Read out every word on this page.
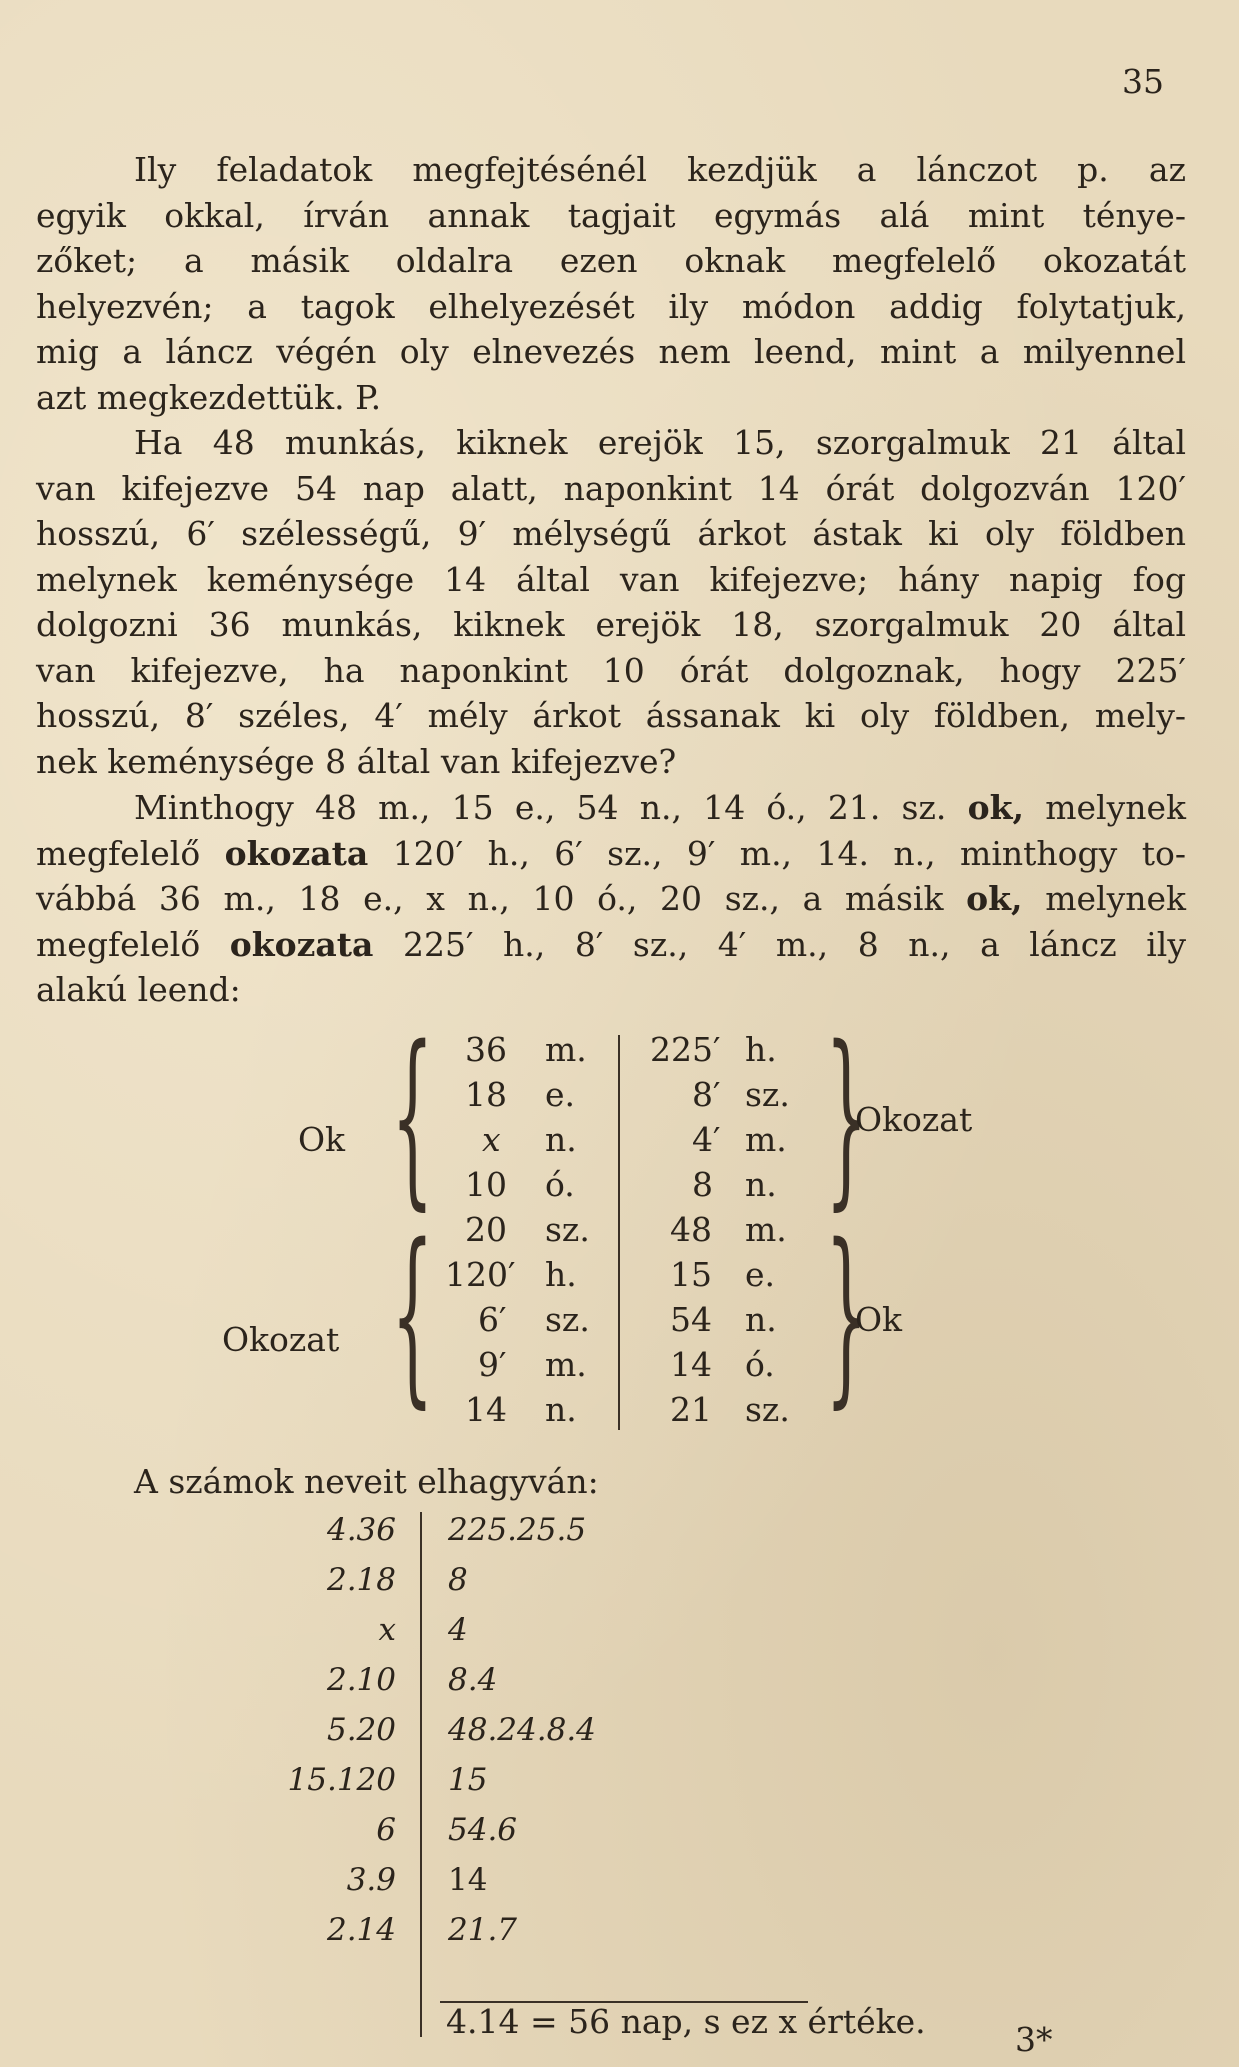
35
Ily feladatok megfejtésénél kezdjük a lánczot p. az
egyik okkal, írván annak tagjait egymás alá mint ténye-
zőket; a másik oldalra ezen oknak megfelelő okozatát
helyezvén; a tagok elhelyezését ily módon addig folytatjuk,
mig a láncz végén oly elnevezés nem leend, mint a milyennel
azt megkezdettük. P.
Ha 48 munkás, kiknek erejök 15, szorgalmuk 21 által
van kifejezve 54 nap alatt, naponkint 14 órát dolgozván 120′
hosszú, 6′ szélességű, 9′ mélységű árkot ástak ki oly földben
melynek keménysége 14 által van kifejezve; hány napig fog
dolgozni 36 munkás, kiknek erejök 18, szorgalmuk 20 által
van kifejezve, ha naponkint 10 órát dolgoznak, hogy 225′
hosszú, 8′ széles, 4′ mély árkot ássanak ki oly földben, mely-
nek keménysége 8 által van kifejezve?
Minthogy 48 m., 15 e., 54 n., 14 ó., 21. sz. ok, melynek
megfelelő okozata 120′ h., 6′ sz., 9′ m., 14. n., minthogy to-
vábbá 36 m., 18 e., x n., 10 ó., 20 sz., a másik ok, melynek
megfelelő okozata 225′ h., 8′ sz., 4′ m., 8 n., a láncz ily
alakú leend:
Ok
Okozat
{
{
36 m.
18 e.
x n.
10 ó.
20 sz.
120′ h.
6′ sz.
9′ m.
14 n.
225′ h.
8′ sz.
4′ m.
8 n.
48 m.
15 e.
54 n.
14 ó.
21 sz.
}
}
Okozat
Ok
A számok neveit elhagyván:
4.36 225.25.5
2.18 8
x 4
2.10 8.4
5.20 48.24.8.4
15.120 15
6 54.6
3.9 14
2.14 21.7
4.14 = 56 nap, s ez x értéke.	3*
